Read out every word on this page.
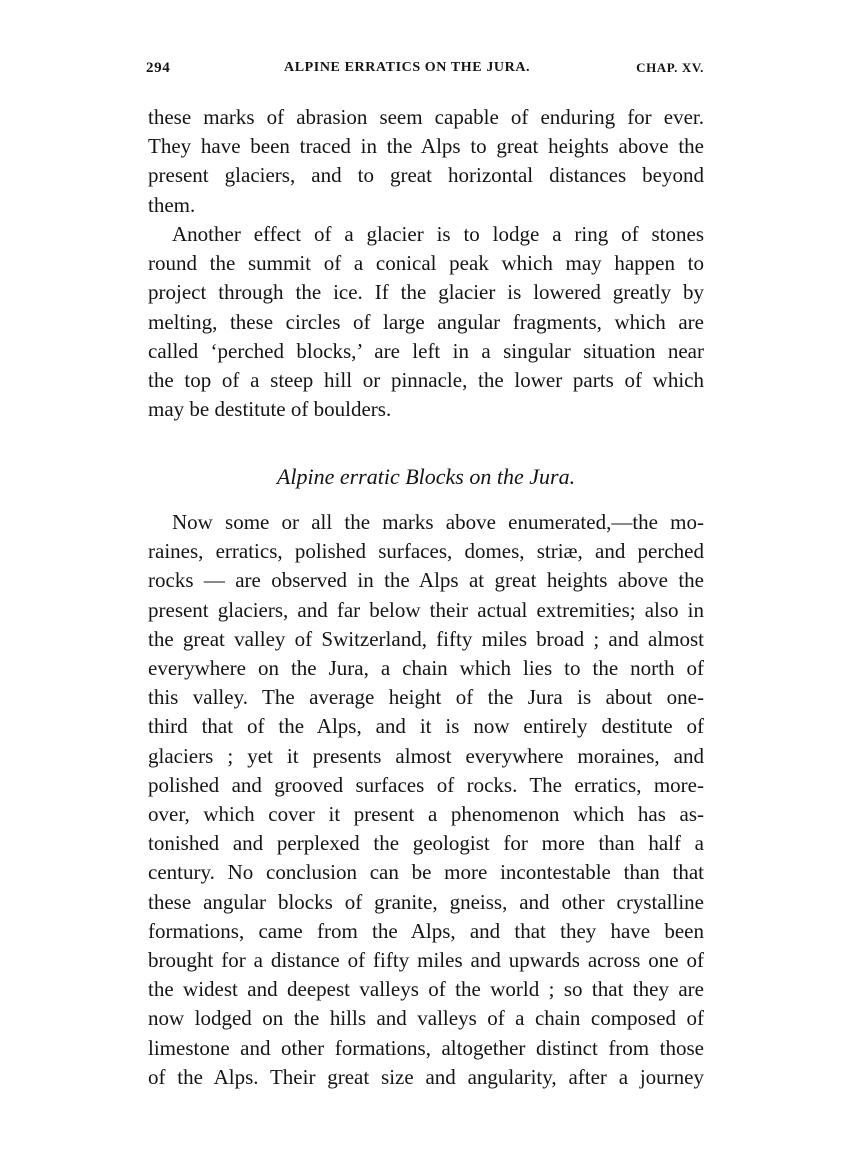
294	ALPINE ERRATICS ON THE JURA.	CHAP. XV.
these marks of abrasion seem capable of enduring for ever.
They have been traced in the Alps to great heights above the
present glaciers, and to great horizontal distances beyond
them.
Another effect of a glacier is to lodge a ring of stones
round the summit of a conical peak which may happen to
project through the ice. If the glacier is lowered greatly by
melting, these circles of large angular fragments, which are
called ‘perched blocks,’ are left in a singular situation near
the top of a steep hill or pinnacle, the lower parts of which
may be destitute of boulders.
Alpine erratic Blocks on the Jura.
Now some or all the marks above enumerated,—the mo-
raines, erratics, polished surfaces, domes, striæ, and perched
rocks — are observed in the Alps at great heights above the
present glaciers, and far below their actual extremities; also in
the great valley of Switzerland, fifty miles broad ; and almost
everywhere on the Jura, a chain which lies to the north of
this valley. The average height of the Jura is about one-
third that of the Alps, and it is now entirely destitute of
glaciers ; yet it presents almost everywhere moraines, and
polished and grooved surfaces of rocks. The erratics, more-
over, which cover it present a phenomenon which has as-
tonished and perplexed the geologist for more than half a
century. No conclusion can be more incontestable than that
these angular blocks of granite, gneiss, and other crystalline
formations, came from the Alps, and that they have been
brought for a distance of fifty miles and upwards across one of
the widest and deepest valleys of the world ; so that they are
now lodged on the hills and valleys of a chain composed of
limestone and other formations, altogether distinct from those
of the Alps. Their great size and angularity, after a journey
